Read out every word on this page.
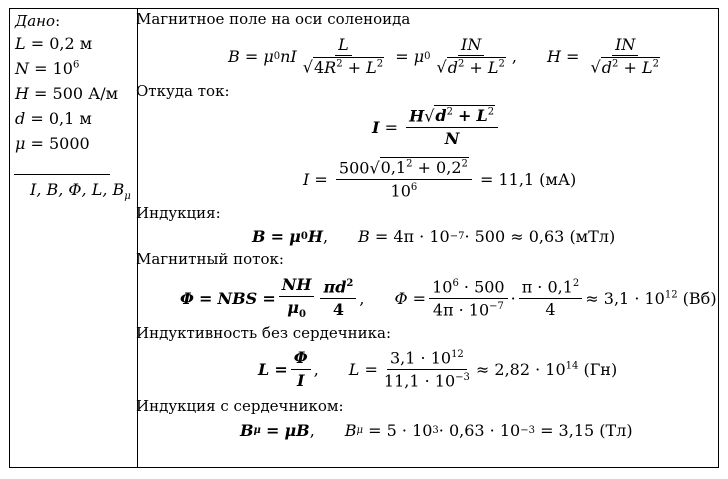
Дано:
L = 0,2 м
$N = 10^6$
H = 500 А/м
d = 0,1 м
μ = 5000
I, B, Φ, L, $B_\mu$
Магнитное поле на оси соленоида
B = μ 0 nI $\frac{L}{√4R^2 + L^2} = \mu$ $0 \frac{IN}{√d^2 + L^2}$ , $H = \frac{IN}{√d^2 + L^2}$
Откуда ток:
$I = \frac{H√d^2 + L^2}{N}$
$I = \frac{500√0,1^2 + 0,2^2}{10^6}$
= 11,1 (мА)
Индукция:
B
=
μ 0 H , B = 4π · 10 −7 · 500 ≈ 0,63 (мТл)
Магнитный поток:
Φ
=
NBS
= $\frac{NH}{\mu_0} \frac{\pi d^2}{4}$ , $\Phi = \frac{10^6 \cdot 500}{4\pi \cdot 10^{-7}} \cdot \frac{\pi \cdot 0,1^2}{4} \approx 3,1 \cdot 10^{12}$ (Вб)
Индуктивность без сердечника:
L
= $\frac{\Phi}{I}$ , $L = \frac{3,1 \cdot 10^{12}}{11,1 \cdot 10^{-3}} \approx 2,82 \cdot 10^{14}$ (Гн)
Индукция с сердечником:
B μ
=
μB , B μ = 5 · 10 3 · 0,63 · 10 −3
= 3,15 (Тл)
